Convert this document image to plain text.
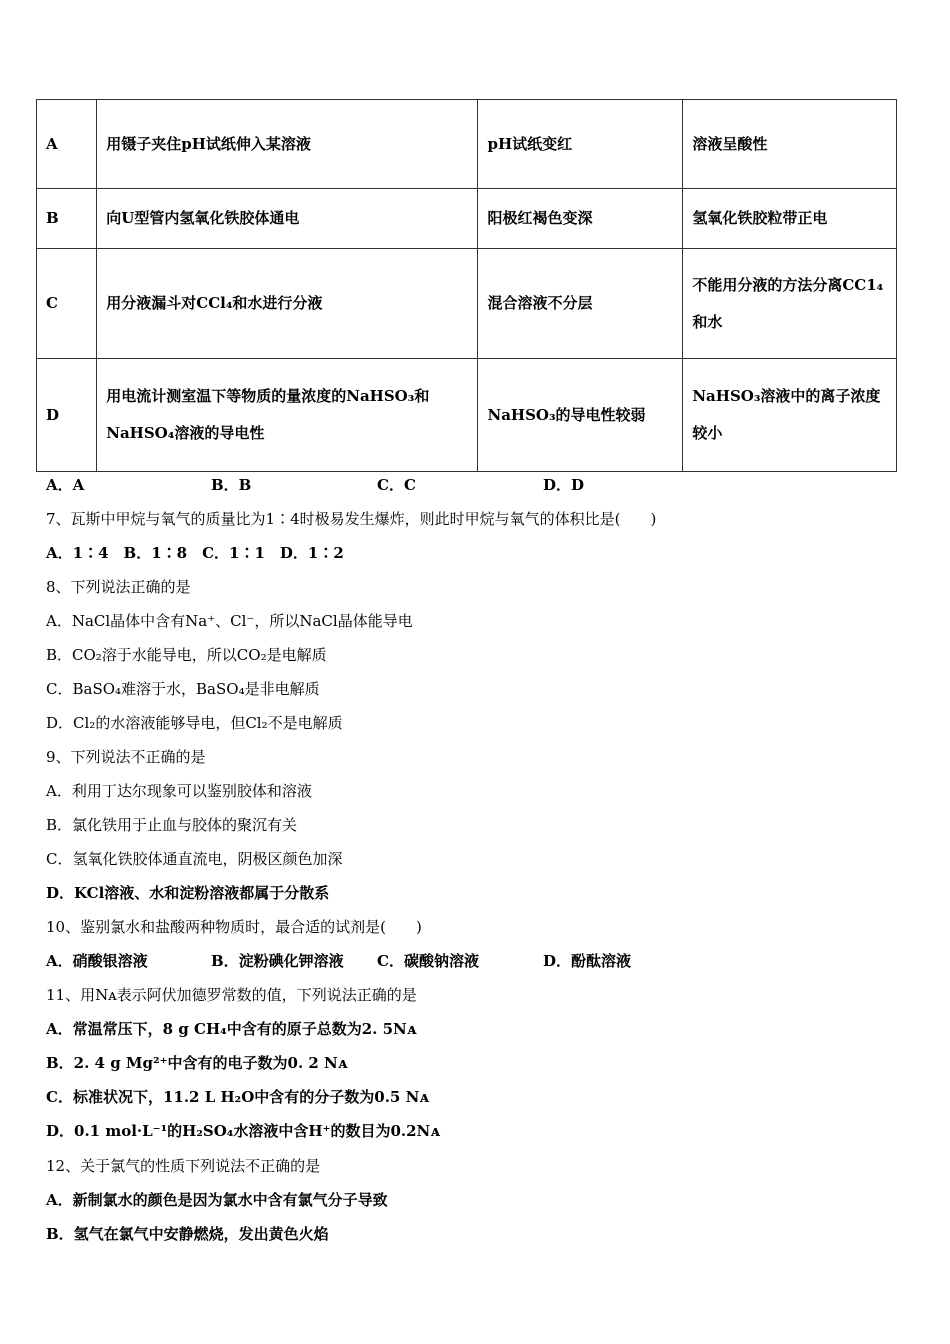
A	用镊子夹住pH试纸伸入某溶液	pH试纸变红	溶液呈酸性
B	向U型管内氢氧化铁胶体通电	阳极红褐色变深	氢氧化铁胶粒带正电
C	用分液漏斗对CCl₄和水进行分液	混合溶液不分层	不能用分液的方法分离CC1₄和水
D	用电流计测室温下等物质的量浓度的NaHSO₃和NaHSO₄溶液的导电性	NaHSO₃的导电性较弱	NaHSO₃溶液中的离子浓度较小
A．A	B．B	C．C	D．D
7、瓦斯中甲烷与氧气的质量比为1∶4时极易发生爆炸，则此时甲烷与氧气的体积比是(　　)
A．1∶4　B．1∶8　C．1∶1　D．1∶2
8、下列说法正确的是
A．NaCl晶体中含有Na⁺、Cl⁻，所以NaCl晶体能导电
B．CO₂溶于水能导电，所以CO₂是电解质
C．BaSO₄难溶于水，BaSO₄是非电解质
D．Cl₂的水溶液能够导电，但Cl₂不是电解质
9、下列说法不正确的是
A．利用丁达尔现象可以鉴别胶体和溶液
B．氯化铁用于止血与胶体的聚沉有关
C．氢氧化铁胶体通直流电，阴极区颜色加深
D．KCl溶液、水和淀粉溶液都属于分散系
10、鉴别氯水和盐酸两种物质时，最合适的试剂是(　　)
A．硝酸银溶液	B．淀粉碘化钾溶液 C．碳酸钠溶液	D．酚酞溶液
11、用Nᴀ表示阿伏加德罗常数的值，下列说法正确的是
A．常温常压下，8 g CH₄中含有的原子总数为2. 5Nᴀ
B．2. 4 g Mg²⁺中含有的电子数为0. 2 Nᴀ
C．标准状况下，11.2 L H₂O中含有的分子数为0.5 Nᴀ
D．0.1 mol·L⁻¹的H₂SO₄水溶液中含H⁺的数目为0.2Nᴀ
12、关于氯气的性质下列说法不正确的是
A．新制氯水的颜色是因为氯水中含有氯气分子导致
B．氢气在氯气中安静燃烧，发出黄色火焰
